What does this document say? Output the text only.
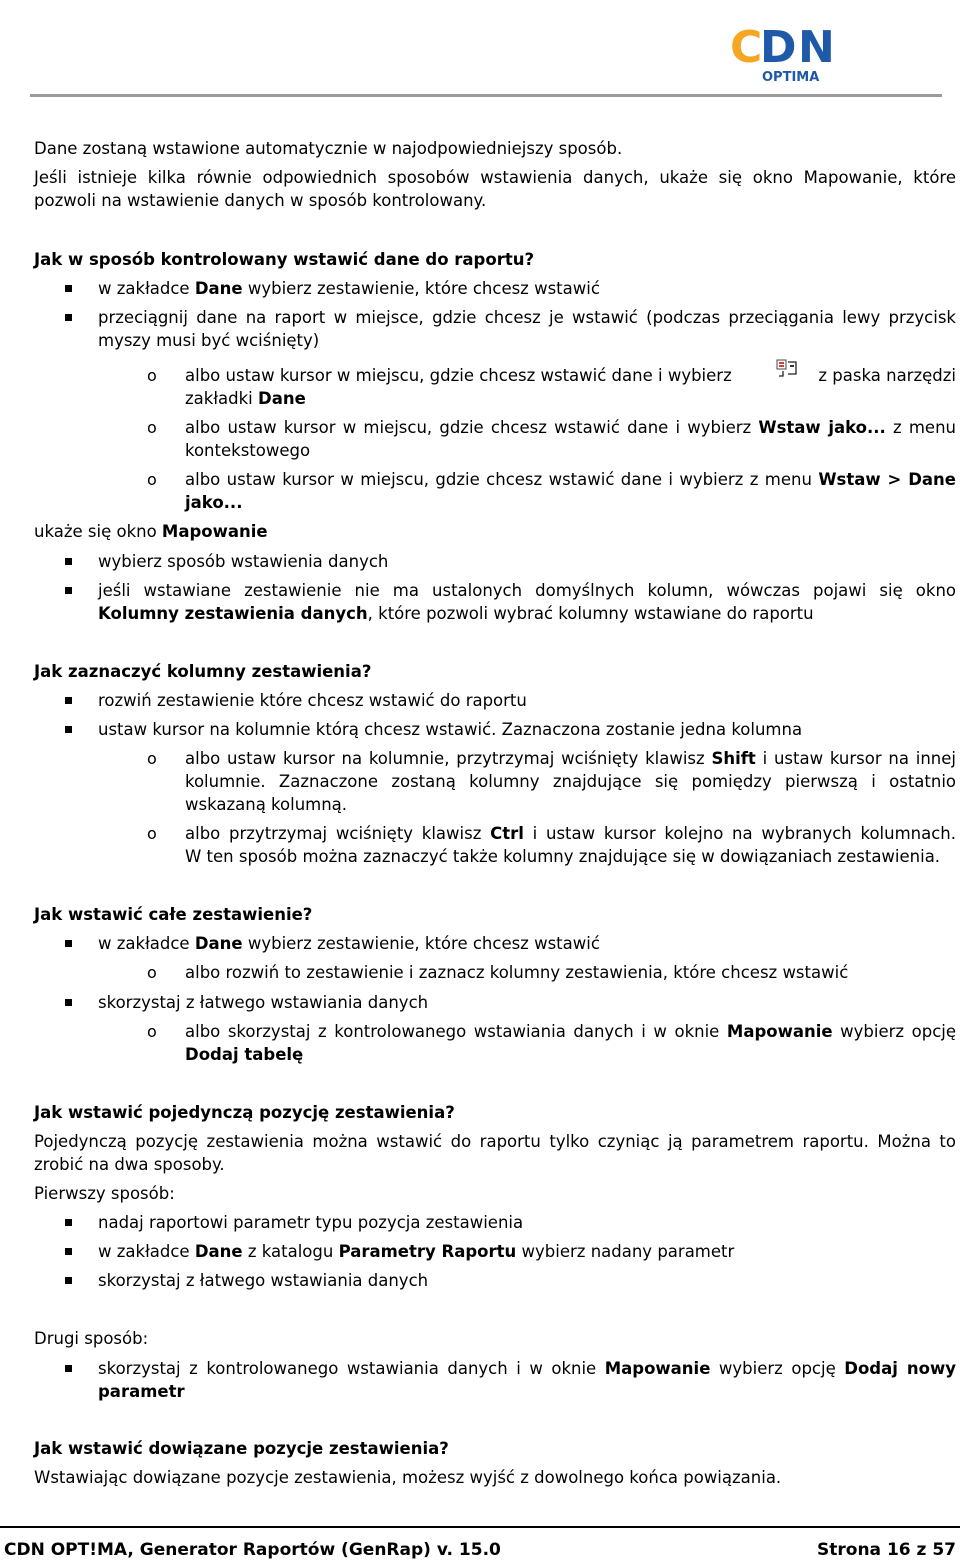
C D N
OPTIMA
Dane zostaną wstawione automatycznie w najodpowiedniejszy sposób.
Jeśli istnieje kilka równie odpowiednich sposobów wstawienia danych, ukaże się okno Mapowanie, które
pozwoli na wstawienie danych w sposób kontrolowany.
Jak w sposób kontrolowany wstawić dane do raportu?
w zakładce Dane wybierz zestawienie, które chcesz wstawić
przeciągnij dane na raport w miejsce, gdzie chcesz je wstawić (podczas przeciągania lewy przycisk
myszy musi być wciśnięty)
o albo ustaw kursor w miejscu, gdzie chcesz wstawić dane i wybierz	z paska narzędzi
zakładki Dane
o albo ustaw kursor w miejscu, gdzie chcesz wstawić dane i wybierz Wstaw jako... z menu
kontekstowego
o albo ustaw kursor w miejscu, gdzie chcesz wstawić dane i wybierz z menu Wstaw > Dane
jako...
ukaże się okno Mapowanie
wybierz sposób wstawienia danych
jeśli wstawiane zestawienie nie ma ustalonych domyślnych kolumn, wówczas pojawi się okno
Kolumny zestawienia danych, które pozwoli wybrać kolumny wstawiane do raportu
Jak zaznaczyć kolumny zestawienia?
rozwiń zestawienie które chcesz wstawić do raportu
ustaw kursor na kolumnie którą chcesz wstawić. Zaznaczona zostanie jedna kolumna
o albo ustaw kursor na kolumnie, przytrzymaj wciśnięty klawisz Shift i ustaw kursor na innej
kolumnie. Zaznaczone zostaną kolumny znajdujące się pomiędzy pierwszą i ostatnio
wskazaną kolumną.
o albo przytrzymaj wciśnięty klawisz Ctrl i ustaw kursor kolejno na wybranych kolumnach.
W ten sposób można zaznaczyć także kolumny znajdujące się w dowiązaniach zestawienia.
Jak wstawić całe zestawienie?
w zakładce Dane wybierz zestawienie, które chcesz wstawić
o albo rozwiń to zestawienie i zaznacz kolumny zestawienia, które chcesz wstawić
skorzystaj z łatwego wstawiania danych
o albo skorzystaj z kontrolowanego wstawiania danych i w oknie Mapowanie wybierz opcję
Dodaj tabelę
Jak wstawić pojedynczą pozycję zestawienia?
Pojedynczą pozycję zestawienia można wstawić do raportu tylko czyniąc ją parametrem raportu. Można to
zrobić na dwa sposoby.
Pierwszy sposób:
nadaj raportowi parametr typu pozycja zestawienia
w zakładce Dane z katalogu Parametry Raportu wybierz nadany parametr
skorzystaj z łatwego wstawiania danych
Drugi sposób:
skorzystaj z kontrolowanego wstawiania danych i w oknie Mapowanie wybierz opcję Dodaj nowy
parametr
Jak wstawić dowiązane pozycje zestawienia?
Wstawiając dowiązane pozycje zestawienia, możesz wyjść z dowolnego końca powiązania.
CDN OPT!MA, Generator Raportów (GenRap) v. 15.0	Strona 16 z 57
